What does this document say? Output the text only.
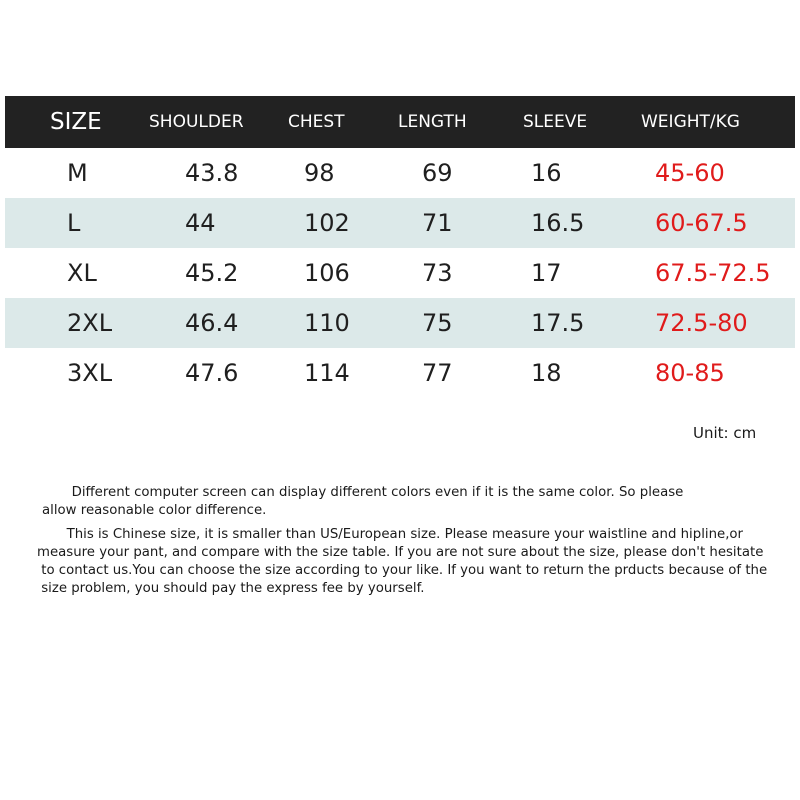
SIZE	SHOULDER	CHEST	LENGTH	SLEEVE	WEIGHT/KG
M	43.8	98	69	16	45-60
L	44	102	71	16.5	60-67.5
XL	45.2	106	73	17	67.5-72.5
2XL	46.4	110	75	17.5	72.5-80
3XL	47.6	114	77	18	80-85
Unit: cm
Different computer screen can display different colors even if it is the same color. So please
allow reasonable color difference.
This is Chinese size, it is smaller than US/European size. Please measure your waistline and hipline,or
measure your pant, and compare with the size table. If you are not sure about the size, please don't hesitate
to contact us.You can choose the size according to your like. If you want to return the prducts because of the
size problem, you should pay the express fee by yourself.
